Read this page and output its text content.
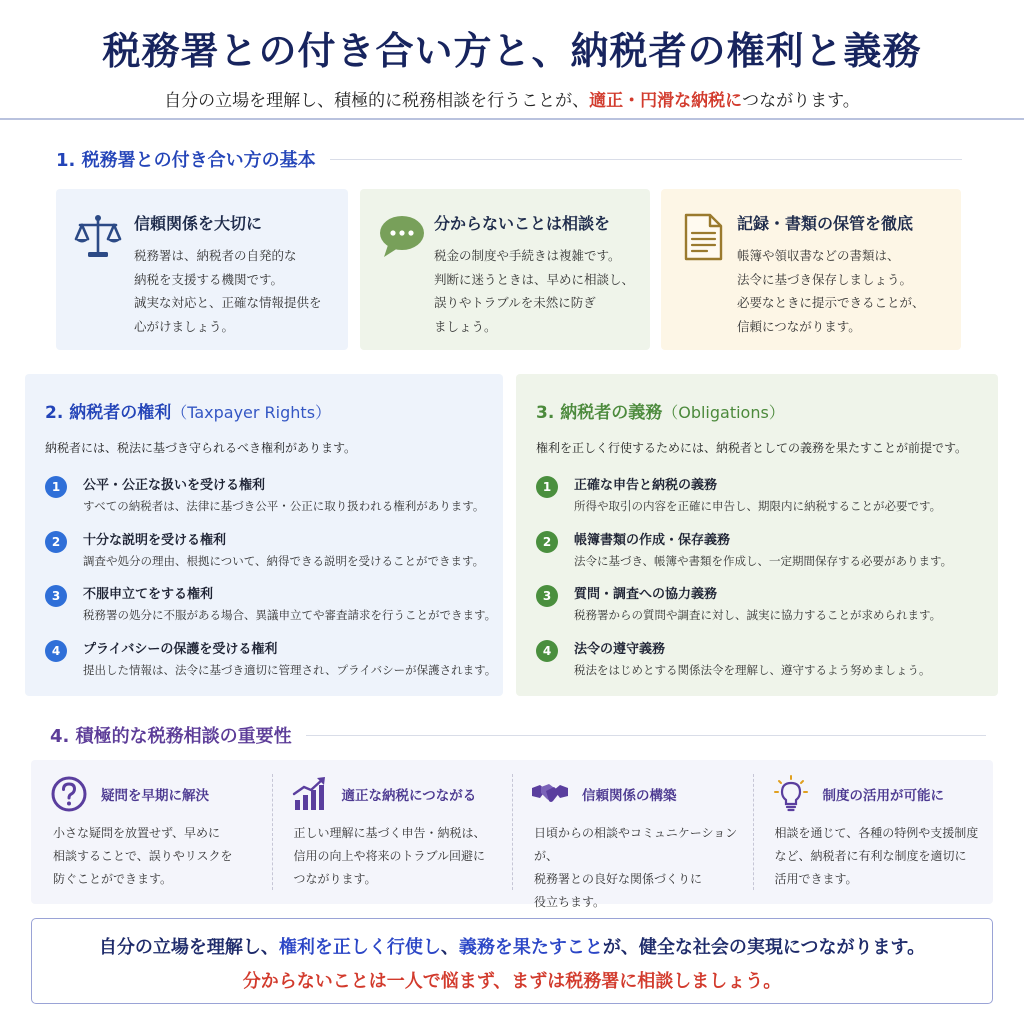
税務署との付き合い方と、納税者の権利と義務
自分の立場を理解し、積極的に税務相談を行うことが、適正・円滑な納税につながります。
1. 税務署との付き合い方の基本
信頼関係を大切に

税務署は、納税者の自発的な
納税を支援する機関です。
誠実な対応と、正確な情報提供を
心がけましょう。

分からないことは相談を

税金の制度や手続きは複雑です。
判断に迷うときは、早めに相談し、
誤りやトラブルを未然に防ぎ
ましょう。

記録・書類の保管を徹底

帳簿や領収書などの書類は、
法令に基づき保存しましょう。
必要なときに提示できることが、
信頼につながります。

2. 納税者の権利（Taxpayer Rights）
納税者には、税法に基づき守られるべき権利があります。
1	公平・公正な扱いを受ける権利
すべての納税者は、法律に基づき公平・公正に取り扱われる権利があります。
2	十分な説明を受ける権利
調査や処分の理由、根拠について、納得できる説明を受けることができます。
3	不服申立てをする権利
税務署の処分に不服がある場合、異議申立てや審査請求を行うことができます。
4	プライバシーの保護を受ける権利
提出した情報は、法令に基づき適切に管理され、プライバシーが保護されます。
3. 納税者の義務（Obligations）
権利を正しく行使するためには、納税者としての義務を果たすことが前提です。
1	正確な申告と納税の義務
所得や取引の内容を正確に申告し、期限内に納税することが必要です。
2	帳簿書類の作成・保存義務
法令に基づき、帳簿や書類を作成し、一定期間保存する必要があります。
3	質問・調査への協力義務
税務署からの質問や調査に対し、誠実に協力することが求められます。
4	法令の遵守義務
税法をはじめとする関係法令を理解し、遵守するよう努めましょう。
4. 積極的な税務相談の重要性
疑問を早期に解決

小さな疑問を放置せず、早めに
相談することで、誤りやリスクを
防ぐことができます。

適正な納税につながる

正しい理解に基づく申告・納税は、
信用の向上や将来のトラブル回避に
つながります。

信頼関係の構築

日頃からの相談やコミュニケーションが、
税務署との良好な関係づくりに
役立ちます。

制度の活用が可能に

相談を通じて、各種の特例や支援制度
など、納税者に有利な制度を適切に
活用できます。

自分の立場を理解し、権利を正しく行使し、義務を果たすことが、健全な社会の実現につながります。
分からないことは一人で悩まず、まずは税務署に相談しましょう。
